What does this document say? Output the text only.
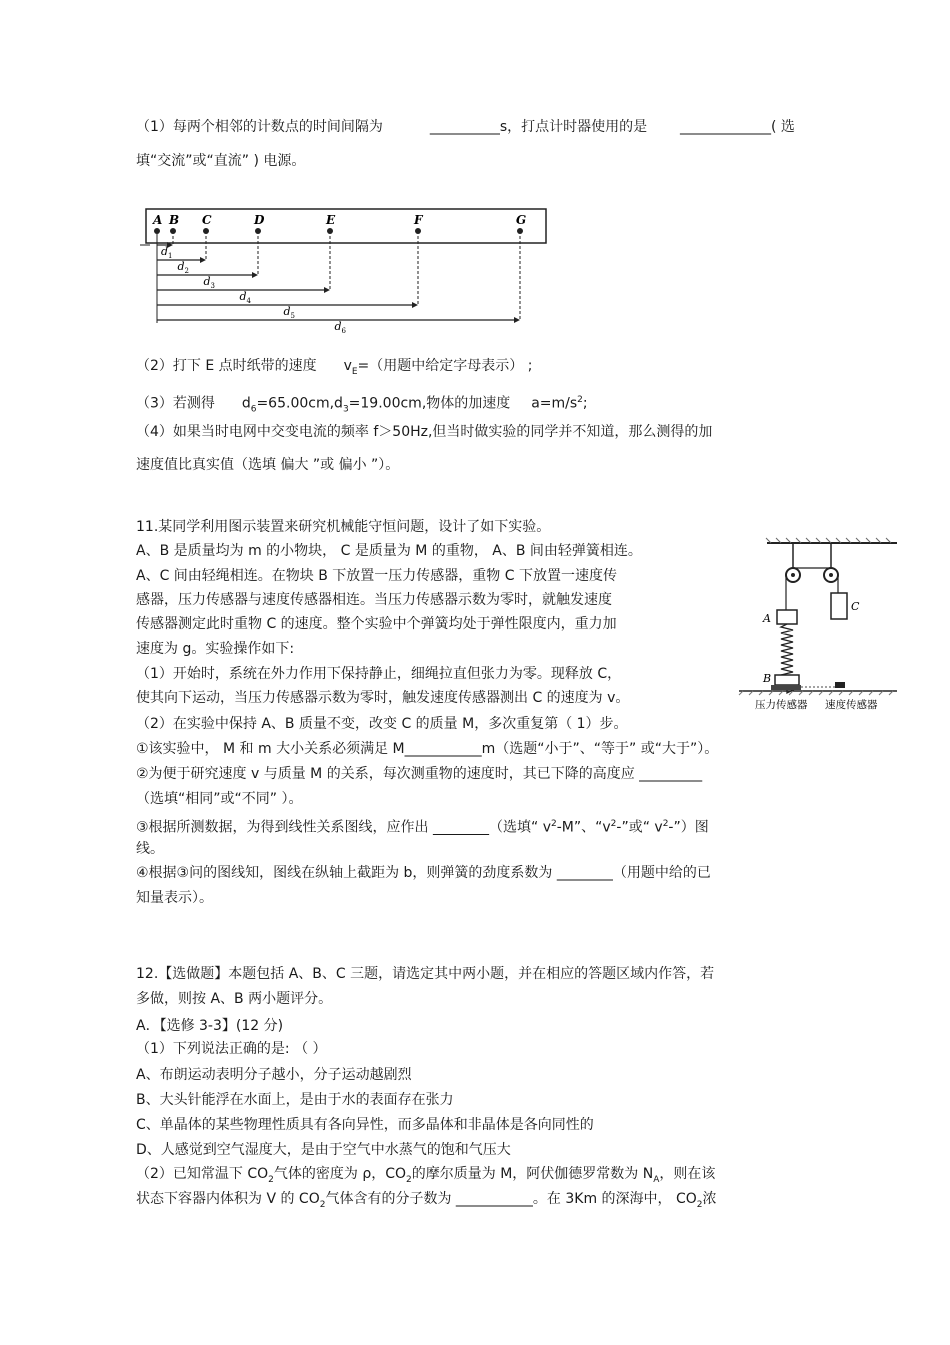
（1）每两个相邻的计数点的时间间隔为	__________s，打点计时器使用的是 _____________( 选
填“交流”或“直流” ) 电源。
A B C	D	E	F	G
d 1
d 2
d 3
d 4
d 5
d 6
（2）打下 E 点时纸带的速度 $v_E=$（用题中给定字母表示） ;
（3）若测得 $d_6=65.00cm,d_3=19.00cm$,物体的加速度 $a=m/s^2$;
（4）如果当时电网中交变电流的频率 f＞50Hz,但当时做实验的同学并不知道，那么测得的加
速度值比真实值（选填 偏大 ”或 偏小 ”）。
11.某同学利用图示装置来研究机械能守恒问题，设计了如下实验。
A、B 是质量均为 m 的小物块， C 是质量为 M 的重物， A、B 间由轻弹簧相连。
A、C 间由轻绳相连。在物块 B 下放置一压力传感器，重物 C 下放置一速度传
感器，压力传感器与速度传感器相连。当压力传感器示数为零时，就触发速度
传感器测定此时重物 C 的速度。整个实验中个弹簧均处于弹性限度内，重力加
速度为 g。实验操作如下:
（1）开始时，系统在外力作用下保持静止，细绳拉直但张力为零。现释放 C，
使其向下运动，当压力传感器示数为零时，触发速度传感器测出 C 的速度为 v。
（2）在实验中保持 A、B 质量不变，改变 C 的质量 M，多次重复第（ 1）步。
①该实验中， M 和 m 大小关系必须满足 M___________m（选题“小于”、“等于” 或“大于”）。
②为便于研究速度 v 与质量 M 的关系，每次测重物的速度时，其已下降的高度应 _________
（选填“相同”或“不同” ）。
③根据所测数据，为得到线性关系图线，应作出 ________（选填“ $v^2-M$”、“$v^2-$”或“ $v^2-$”）图
线。
④根据③问的图线知，图线在纵轴上截距为 b，则弹簧的劲度系数为 ________（用题中给的已
知量表示）。
C
A
B
压力传感器 速度传感器
12.【选做题】本题包括 A、B、C 三题，请选定其中两小题，并在相应的答题区域内作答，若
多做，则按 A、B 两小题评分。
A．【选修 3-3】(12 分)
（1）下列说法正确的是: （ ）
A、布朗运动表明分子越小，分子运动越剧烈
B、大头针能浮在水面上，是由于水的表面存在张力
C、单晶体的某些物理性质具有各向异性，而多晶体和非晶体是各向同性的
D、人感觉到空气湿度大，是由于空气中水蒸气的饱和气压大
（2）已知常温下 $CO_2$气体的密度为 ρ，$CO_2$的摩尔质量为 M，阿伏伽德罗常数为 $N_A$，则在该
状态下容器内体积为 V 的 $CO_2$气体含有的分子数为 ___________。在 3Km 的深海中， $CO_2$浓
